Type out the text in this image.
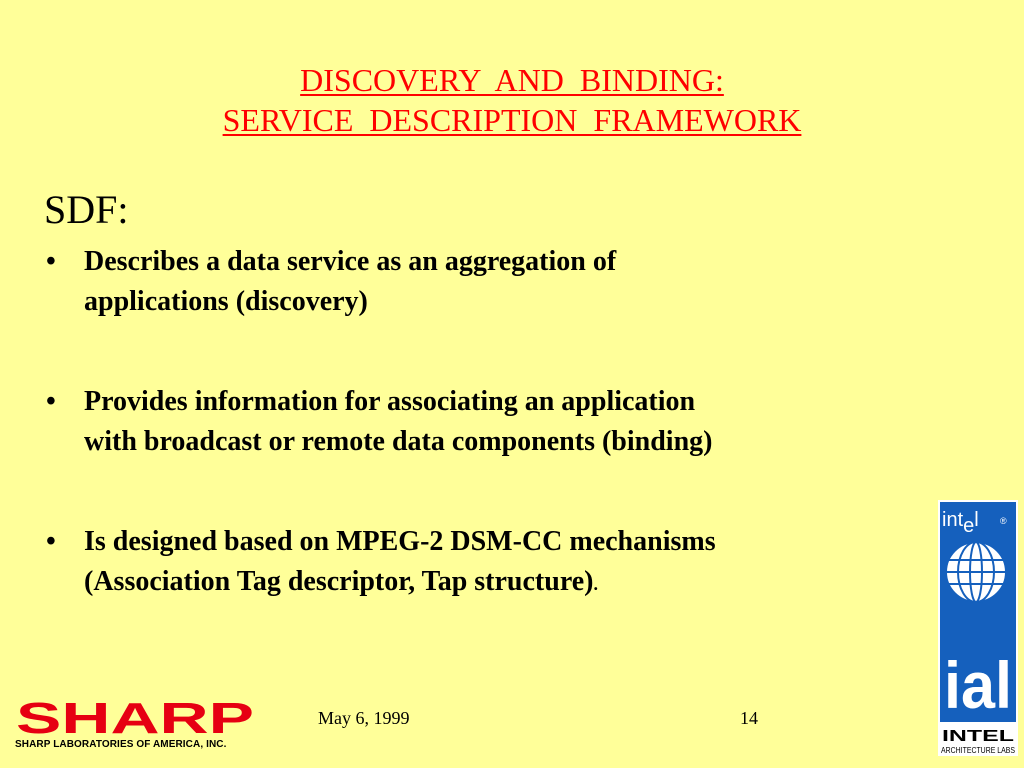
DISCOVERY  AND  BINDING:
SERVICE  DESCRIPTION  FRAMEWORK
SDF:
• Describes a data service as an aggregation of
applications (discovery)
• Provides information for associating an application
with broadcast or remote data components (binding)
• Is designed based on MPEG-2 DSM-CC mechanisms
(Association Tag descriptor, Tap structure).
SHARP
SHARP LABORATORIES OF AMERICA, INC.
May 6, 1999	14
intel ®
ial
INTEL
ARCHITECTURE LABS
